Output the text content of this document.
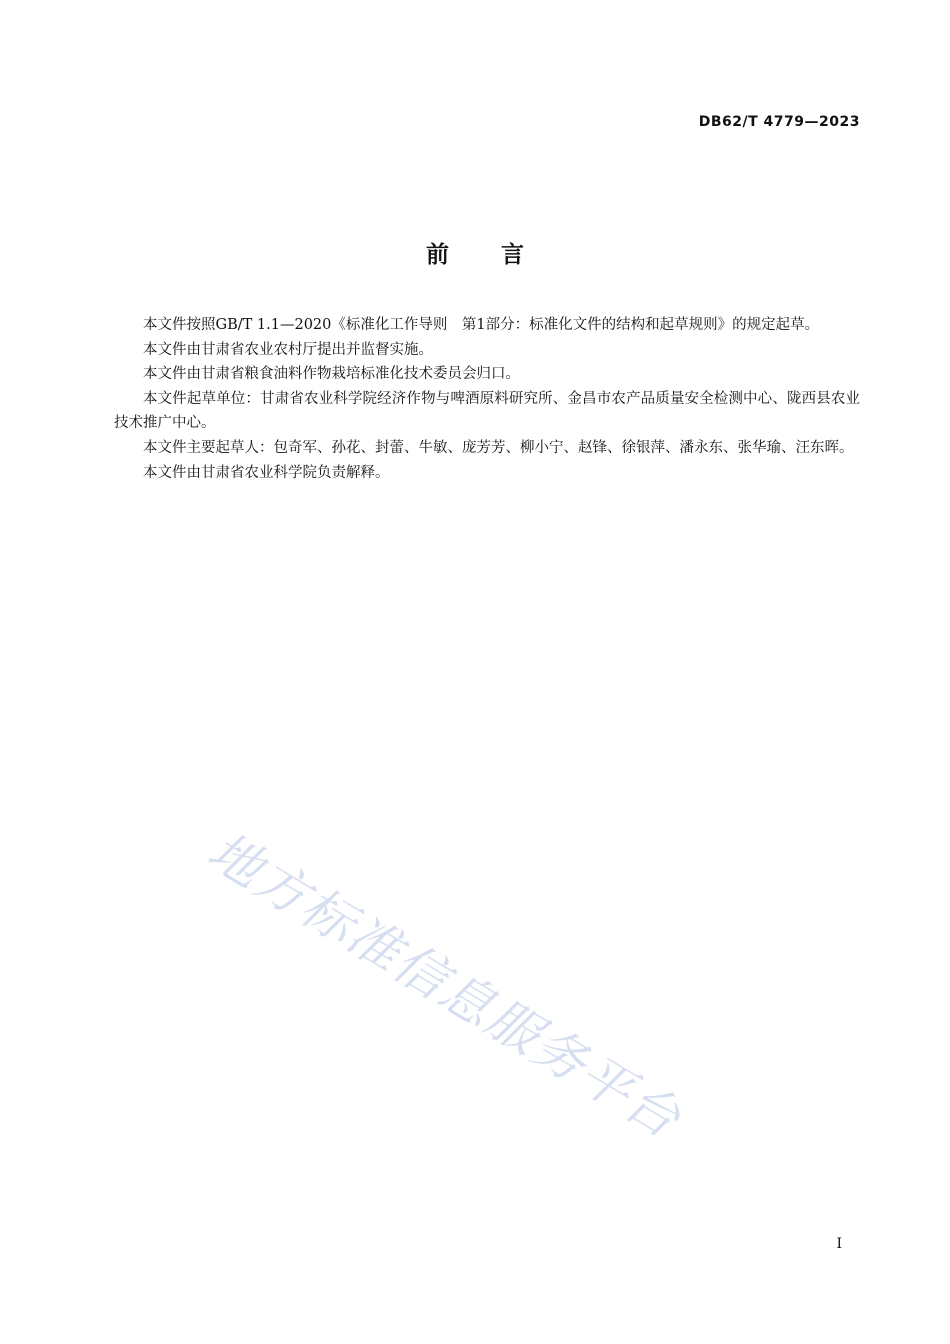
DB62/T 4779—2023
前言

本文件按照GB/T 1.1—2020《标准化工作导则　第1部分：标准化文件的结构和起草规则》的规定起草。

本文件由甘肃省农业农村厅提出并监督实施。

本文件由甘肃省粮食油料作物栽培标准化技术委员会归口。

本文件起草单位：甘肃省农业科学院经济作物与啤酒原料研究所、金昌市农产品质量安全检测中心、陇西县农业技术推广中心。

本文件主要起草人：包奇军、孙花、封蕾、牛敏、庞芳芳、柳小宁、赵锋、徐银萍、潘永东、张华瑜、汪东晖。

本文件由甘肃省农业科学院负责解释。

地方标准信息服务平台
I
